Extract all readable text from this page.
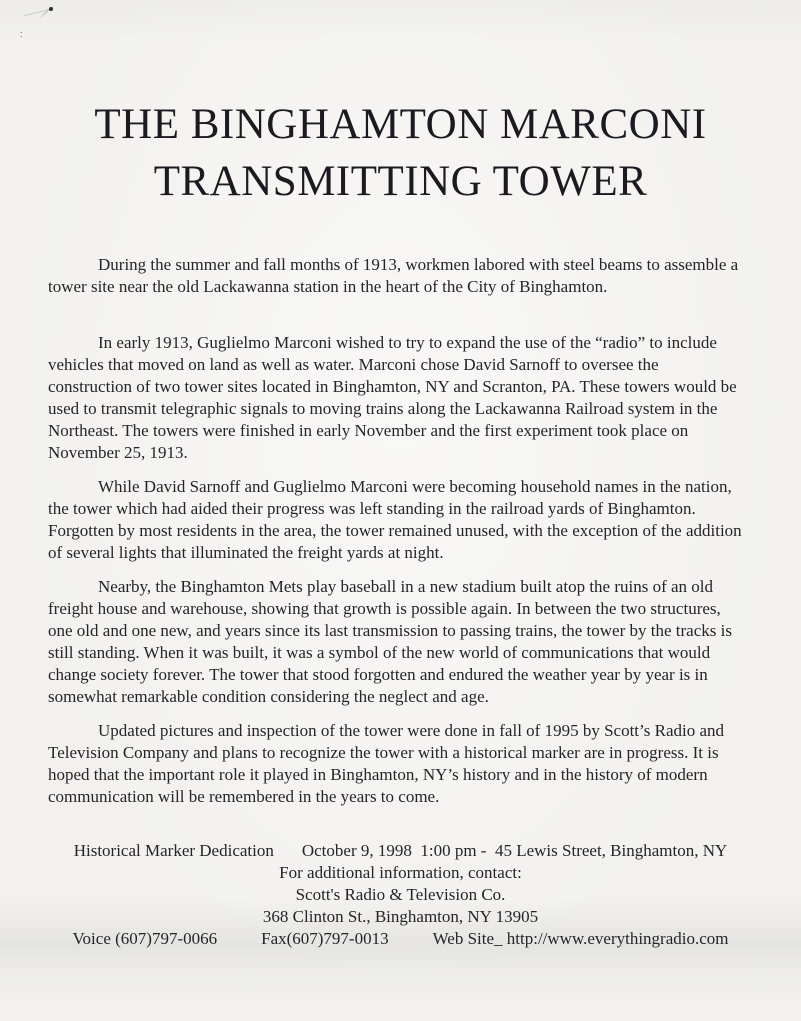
˸
THE BINGHAMTON MARCONI
TRANSMITTING TOWER

During the summer and fall months of 1913, workmen labored with steel beams to assemble a tower site near the old Lackawanna station in the heart of the City of Binghamton.

In early 1913, Guglielmo Marconi wished to try to expand the use of the “radio” to include vehicles that moved on land as well as water. Marconi chose David Sarnoff to oversee the construction of two tower sites located in Binghamton, NY and Scranton, PA. These towers would be used to transmit telegraphic signals to moving trains along the Lackawanna Railroad system in the Northeast. The towers were finished in early November and the first experiment took place on November 25, 1913.

While David Sarnoff and Guglielmo Marconi were becoming household names in the nation, the tower which had aided their progress was left standing in the railroad yards of Binghamton. Forgotten by most residents in the area, the tower remained unused, with the exception of the addition of several lights that illuminated the freight yards at night.

Nearby, the Binghamton Mets play baseball in a new stadium built atop the ruins of an old freight house and warehouse, showing that growth is possible again. In between the two structures, one old and one new, and years since its last transmission to passing trains, the tower by the tracks is still standing. When it was built, it was a symbol of the new world of communications that would change society forever. The tower that stood forgotten and endured the weather year by year is in somewhat remarkable condition considering the neglect and age.

Updated pictures and inspection of the tower were done in fall of 1995 by Scott’s Radio and Television Company and plans to recognize the tower with a historical marker are in progress. It is hoped that the important role it played in Binghamton, NY’s history and in the history of modern communication will be remembered in the years to come.

Historical Marker Dedication October 9, 1998  1:00 pm -  45 Lewis Street, Binghamton, NY
For additional information, contact:
Scott's Radio & Television Co.
368 Clinton St., Binghamton, NY 13905
Voice (607)797-0066	Fax(607)797-0013	Web Site_ http://www.everythingradio.com
